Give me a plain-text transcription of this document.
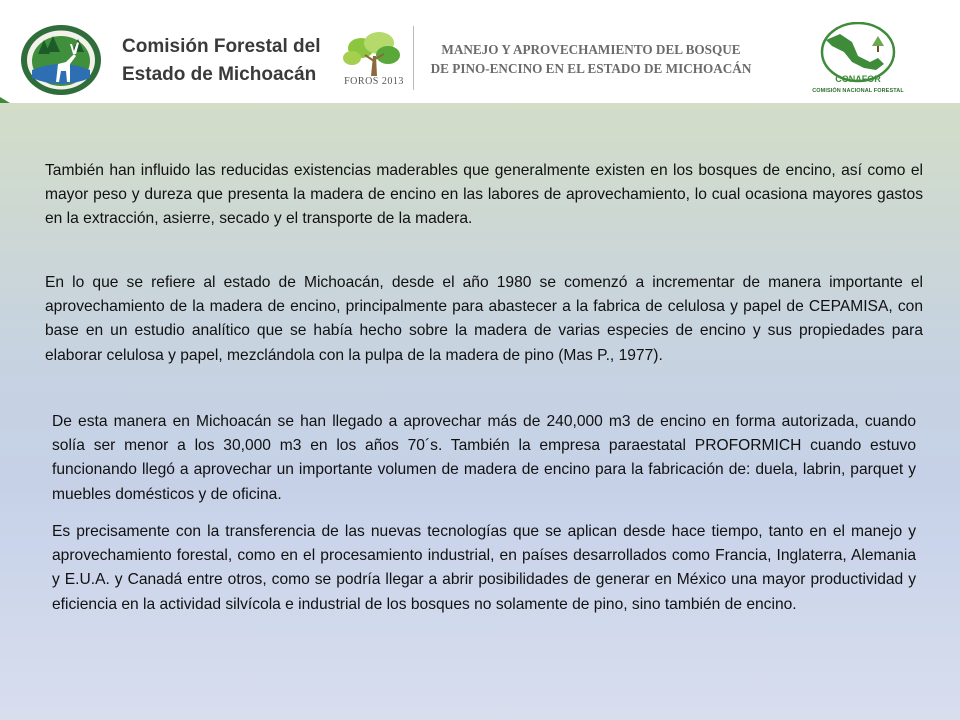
Comisión Forestal del
Estado de Michoacán	FOROS 2013
MANEJO Y APROVECHAMIENTO DEL BOSQUE
DE PINO-ENCINO EN EL ESTADO DE MICHOACÁN
CONAFOR
COMISIÓN NACIONAL FORESTAL

También han influido las reducidas existencias maderables que generalmente existen en los bosques de encino, así como el mayor peso y dureza que presenta la madera de encino en las labores de aprovechamiento, lo cual ocasiona mayores gastos en la extracción, asierre, secado y el transporte de la madera.

En lo que se refiere al estado de Michoacán, desde el año 1980 se comenzó a incrementar de manera importante el aprovechamiento de la madera de encino, principalmente para abastecer a la fabrica de celulosa y papel de CEPAMISA, con base en un estudio analítico que se había hecho sobre la madera de varias especies de encino y sus propiedades para elaborar celulosa y papel, mezclándola con la pulpa de la madera de pino (Mas P., 1977).

De esta manera en Michoacán se han llegado a aprovechar más de 240,000 m3 de encino en forma autorizada, cuando solía ser menor a los 30,000 m3 en los años 70´s. También la empresa paraestatal PROFORMICH cuando estuvo funcionando llegó a aprovechar un importante volumen de madera de encino para la fabricación de: duela, labrin, parquet y muebles domésticos y de oficina.

Es precisamente con la transferencia de las nuevas tecnologías que se aplican desde hace tiempo, tanto en el manejo y aprovechamiento forestal, como en el procesamiento industrial, en países desarrollados como Francia, Inglaterra, Alemania y E.U.A. y Canadá entre otros, como se podría llegar a abrir posibilidades de generar en México una mayor productividad y eficiencia en la actividad silvícola e industrial de los bosques no solamente de pino, sino también de encino.
